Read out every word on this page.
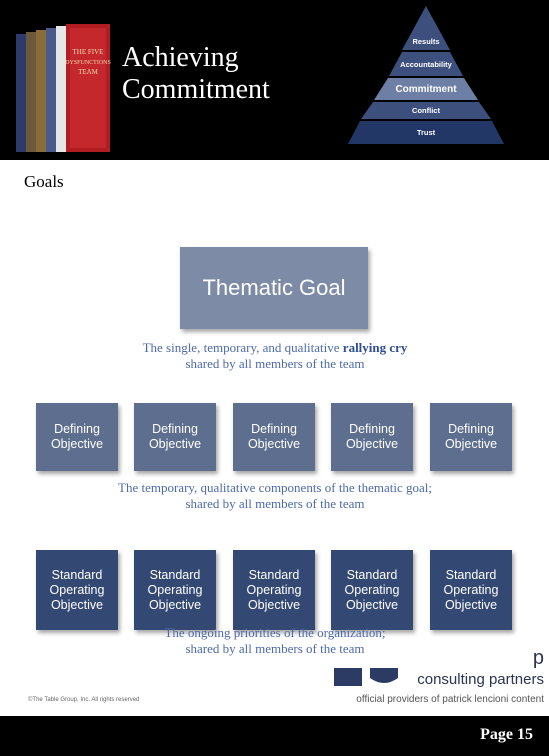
THE FIVE
DYSFUNCTIONS
TEAM Achieving
Commitment
Results
Accountability
Commitment
Conflict
Trust
Goals
Thematic Goal
The single, temporary, and qualitative rallying cry
shared by all members of the team
Defining Objective
Defining Objective
Defining Objective
Defining Objective
Defining Objective
The temporary, qualitative components of the thematic goal;
shared by all members of the team
Standard Operating Objective
Standard Operating Objective
Standard Operating Objective
Standard Operating Objective
Standard Operating Objective
The ongoing priorities of the organization;
shared by all members of the team	p
consulting partners
official providers of patrick lencioni content
©The Table Group, Inc. All rights reserved
Page 15
